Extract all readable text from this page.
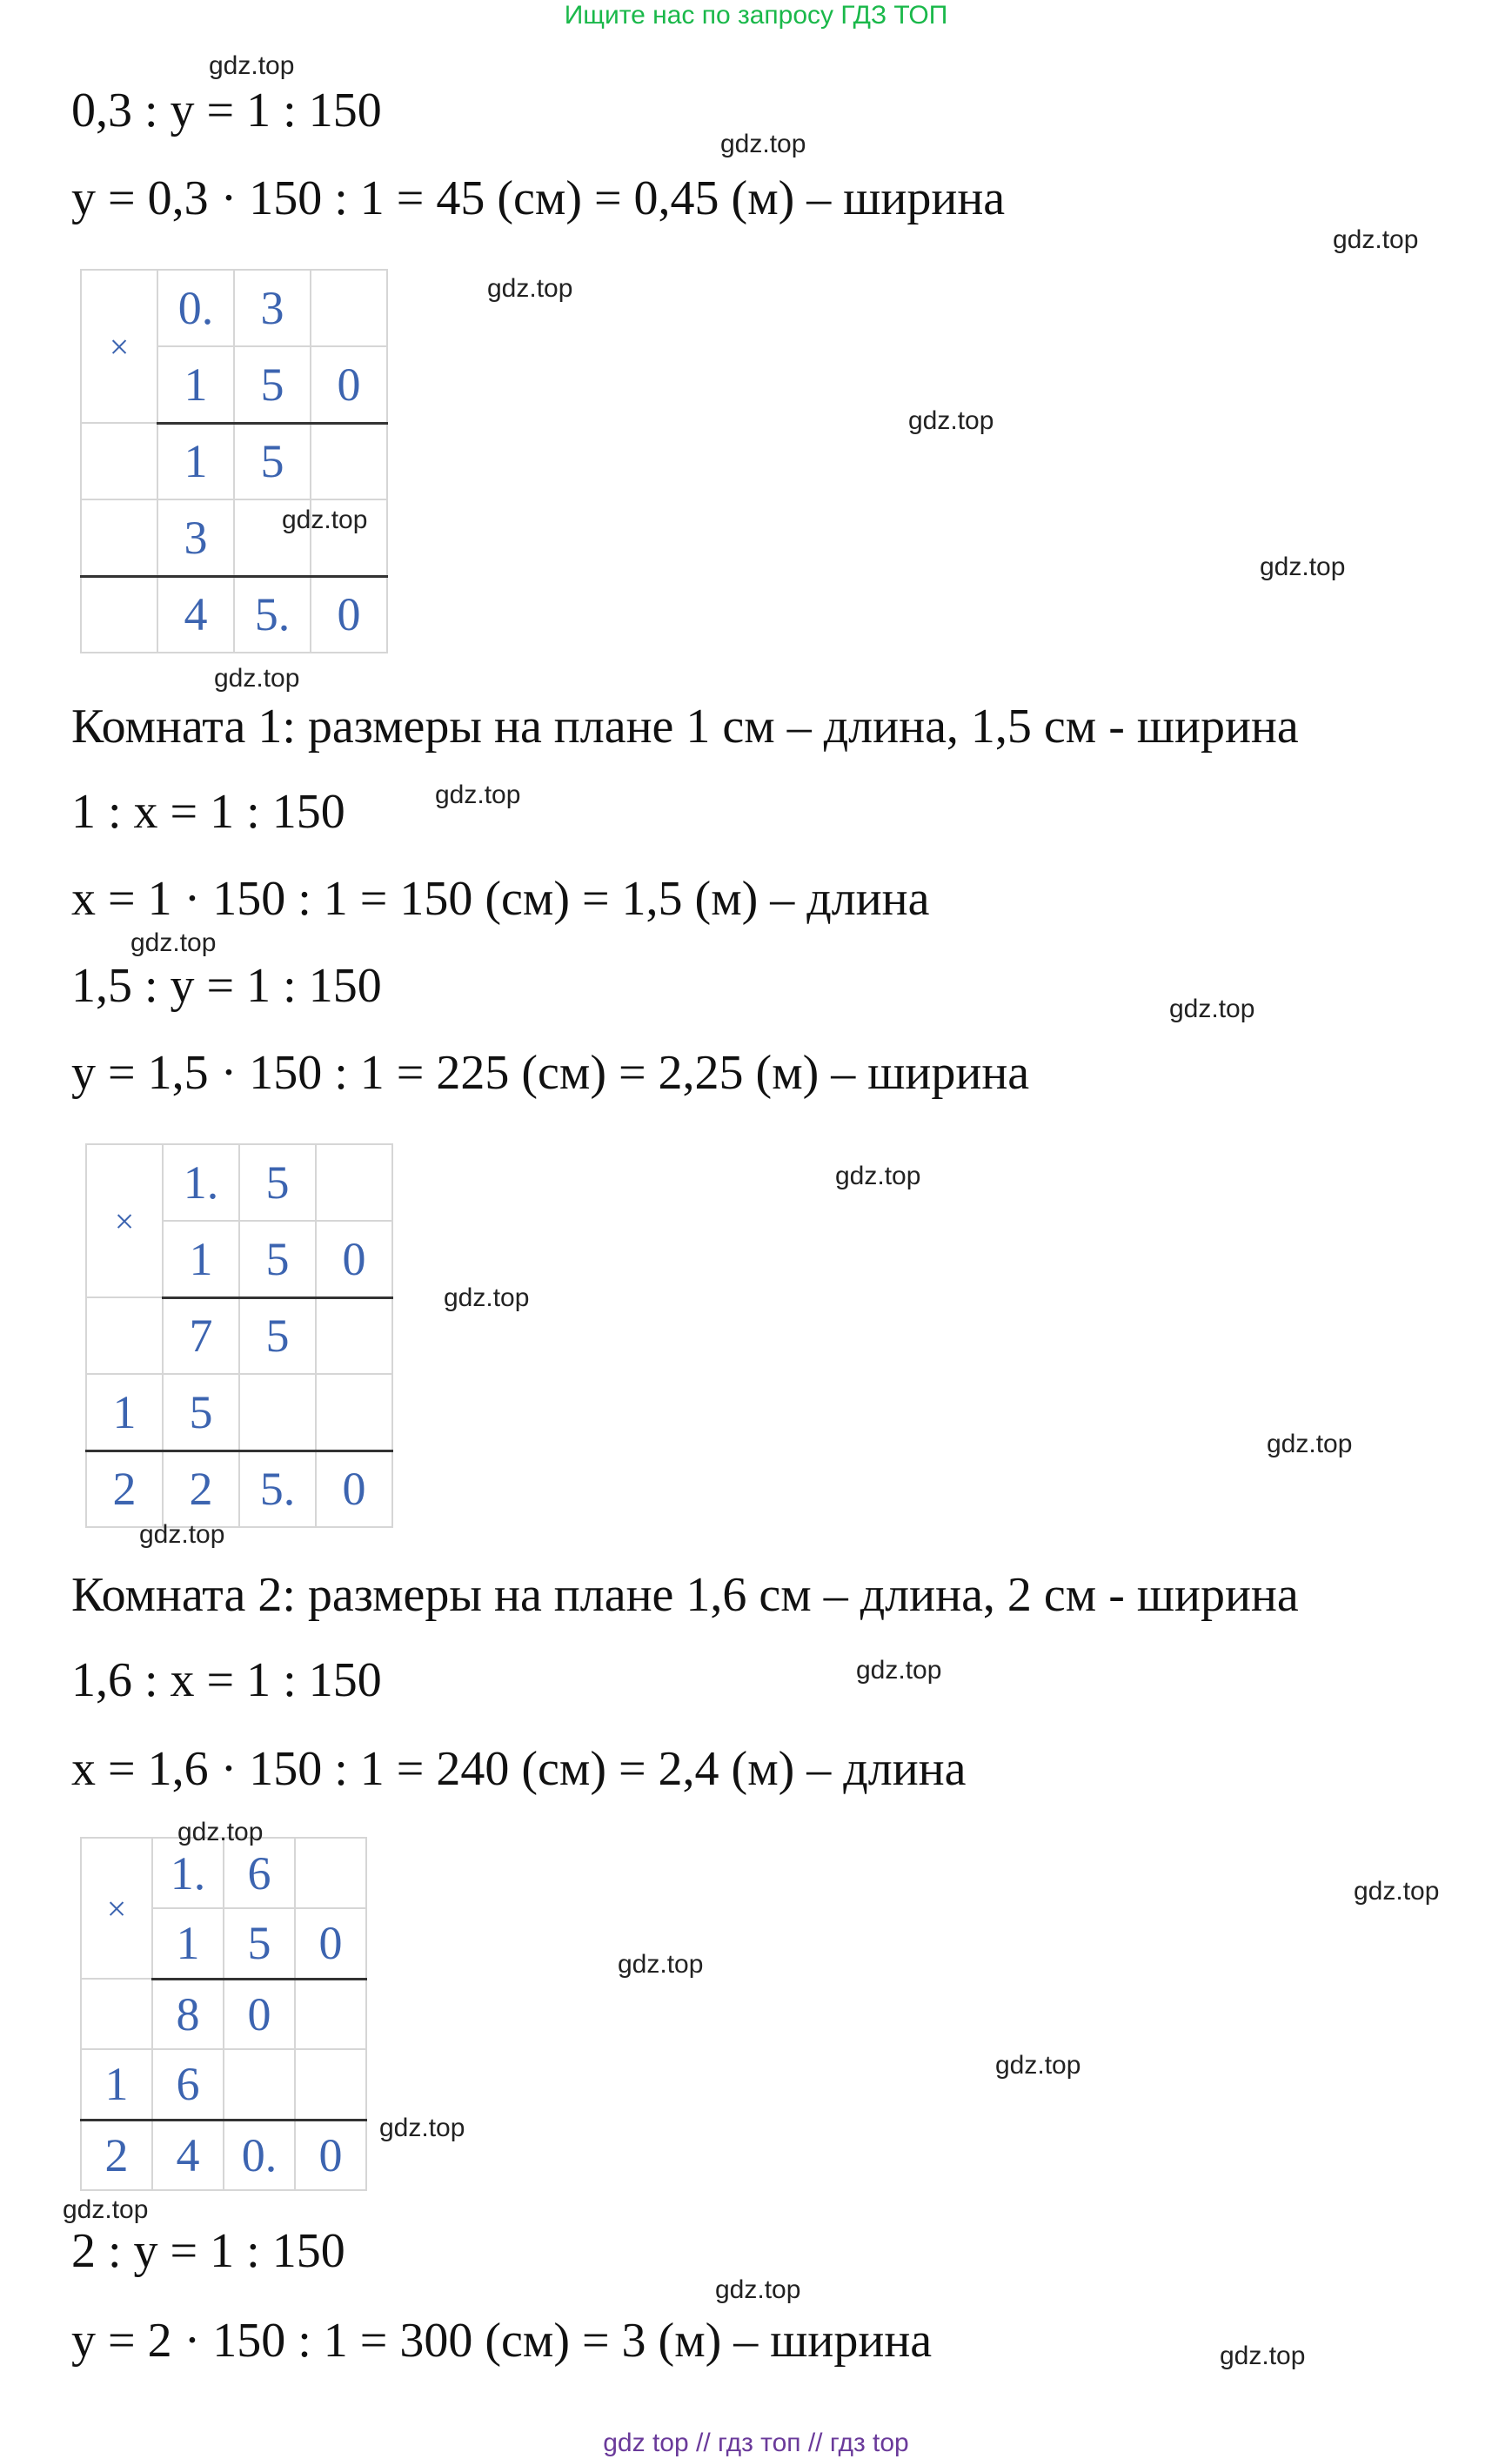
Ищите нас по запросу ГДЗ ТОП
0,3 : y = 1 : 150
y = 0,3 · 150 : 1 = 45 (см) = 0,45 (м) – ширина
Комната 1: размеры на плане 1 см – длина, 1,5 см - ширина
1 : x = 1 : 150
x = 1 · 150 : 1 = 150 (см) = 1,5 (м) – длина
1,5 : y = 1 : 150
y = 1,5 · 150 : 1 = 225 (см) = 2,25 (м) – ширина
Комната 2: размеры на плане 1,6 см – длина, 2 см - ширина
1,6 : x = 1 : 150
x = 1,6 · 150 : 1 = 240 (см) = 2,4 (м) – длина
2 : y = 1 : 150
y = 2 · 150 : 1 = 300 (см) = 3 (м) – ширина
×	0.	3	
	1	5	0
	1	5	
	3		
	4	5.	0
×	1.	5	
	1	5	0
	7	5	
1	5		
2	2	5.	0
×	1.	6	
	1	5	0
	8	0	
1	6		
2	4	0.	0
gdz.top
gdz.top
gdz.top
gdz.top
gdz.top
gdz.top
gdz.top
gdz.top
gdz.top
gdz.top
gdz.top
gdz.top
gdz.top
gdz.top
gdz.top
gdz.top
gdz.top
gdz.top
gdz.top
gdz.top
gdz.top
gdz.top
gdz.top
gdz.top
gdz top // гдз топ // гдз top
